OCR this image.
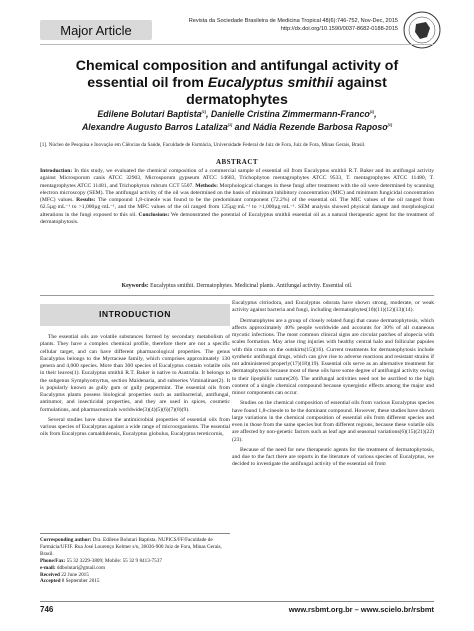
Major Article
Revista da Sociedade Brasileira de Medicina Tropical 48(6):746-752, Nov-Dec, 2015
http://dx.doi.org/10.1590/0037-8682-0188-2015
Chemical composition and antifungal activity of
essential oil from Eucalyptus smithii against dermatophytes
Edilene Bolutari Baptista[1], Danielle Cristina Zimmermann-Franco[1],
Alexandre Augusto Barros Lataliza[1] and Nádia Rezende Barbosa Raposo[1]
[1]. Núcleo de Pesquisa e Inovação em Ciências da Saúde, Faculdade de Farmácia, Universidade Federal de Juiz de Fora, Juiz de Fora, Minas Gerais, Brasil.
ABSTRACT
Introduction: In this study, we evaluated the chemical composition of a commercial sample of essential oil from Eucalyptus smithii R.T. Baker and its antifungal activity against Microsporum canis ATCC 32903, Microsporum gypseum ATCC 14683, Trichophyton mentagrophytes ATCC 9533, T. mentagrophytes ATCC 11480, T. mentagrophytes ATCC 11481, and Trichophyton rubrum CCT 5507. Methods: Morphological changes in these fungi after treatment with the oil were determined by scanning electron microscopy (SEM). The antifungal activity of the oil was determined on the basis of minimum inhibitory concentration (MIC) and minimum fungicidal concentration (MFC) values. Results: The compound 1,8-cineole was found to be the predominant component (72.2%) of the essential oil. The MIC values of the oil ranged from 62.5µg·mL⁻¹ to >1,000µg·mL⁻¹, and the MFC values of the oil ranged from 125µg·mL⁻¹ to >1,000µg·mL⁻¹. SEM analysis showed physical damage and morphological alterations in the fungi exposed to this oil. Conclusions: We demonstrated the potential of Eucalyptus smithii essential oil as a natural therapeutic agent for the treatment of dermatophytosis.
Keywords: Eucalyptus smithii. Dermatophytes. Medicinal plants. Antifungal activity. Essential oil.
INTRODUCTION

The essential oils are volatile substances formed by secondary metabolism of plants. They have a complex chemical profile, therefore there are not a specific cellular target, and can have different pharmacological properties. The genus Eucalyptus belongs to the Myrtaceae family, which comprises approximately 130 genera and 4,000 species. More than 300 species of Eucalyptus contain volatile oils in their leaves(1). Eucalyptus smithii R.T. Baker is native to Australia. It belongs to the subgenus Symphyomyrtus, section Maidenaria, and subseries Viminalinae(2). It is popularly known as gully gum or gully peppermint. The essential oils from Eucalyptus plants possess biological properties such as antibacterial, antifungal, antitumor, and insecticidal properties, and they are used in spices, cosmetic formulations, and pharmaceuticals worldwide(3)(4)(5)(6)(7)(8)(9).

Several studies have shown the antimicrobial properties of essential oils from various species of Eucalyptus against a wide range of microorganisms. The essential oils from Eucalyptus camaldulensis, Eucalyptus globulus, Eucalyptus tereticornis,

Eucalyptus citriodora, and Eucalyptus odorata have shown strong, moderate, or weak activity against bacteria and fungi, including dermatophytes(10)(11)(12)(13)(14).

Dermatophytes are a group of closely related fungi that cause dermatophytosis, which affects approximately 40% people worldwide and accounts for 30% of all cutaneous mycotic infections. The most common clinical signs are circular patches of alopecia with scales formation. May arise ring injuries with healthy central halo and follicular papules with thin crusts on the outskirts(15)(16). Current treatments for dermatophytosis include synthetic antifungal drugs, which can give rise to adverse reactions and resistant strains if not administered properly(17)(18)(19). Essential oils serve as an alternative treatment for dermatophytosis because most of these oils have some degree of antifungal activity owing to their lipophilic nature(20). The antifungal activities need not be ascribed to the high content of a single chemical compound because synergistic effects among the major and minor components can occur.

Studies on the chemical composition of essential oils from various Eucalyptus species have found 1,8-cineole to be the dominant compound. However, these studies have shown large variations in the chemical composition of essential oils from different species and even in those from the same species but from different regions, because these volatile oils are affected by non-genetic factors such as leaf age and seasonal variations(6)(15)(21)(22)(23).

Because of the need for new therapeutic agents for the treatment of dermatophytosis, and due to the fact there are reports in the literature of various species of Eucalyptus, we decided to investigate the antifungal activity of the essential oil from

Corresponding author: Dra. Edilene Bolutari Baptista. NUPICS/FF/Faculdade de Farmácia/UFJF. Rua José Lourenço Kelmer s/n, 36036-900 Juiz de Fora, Minas Gerais, Brasil.
Phone/Fax: 55 32 3229-3809; Mobile: 55 32 9 8413-7537
e-mail: ddbolutari@gmail.com
Received 22 June 2015
Accepted 8 September 2015
746	www.rsbmt.org.br – www.scielo.br/rsbmt
